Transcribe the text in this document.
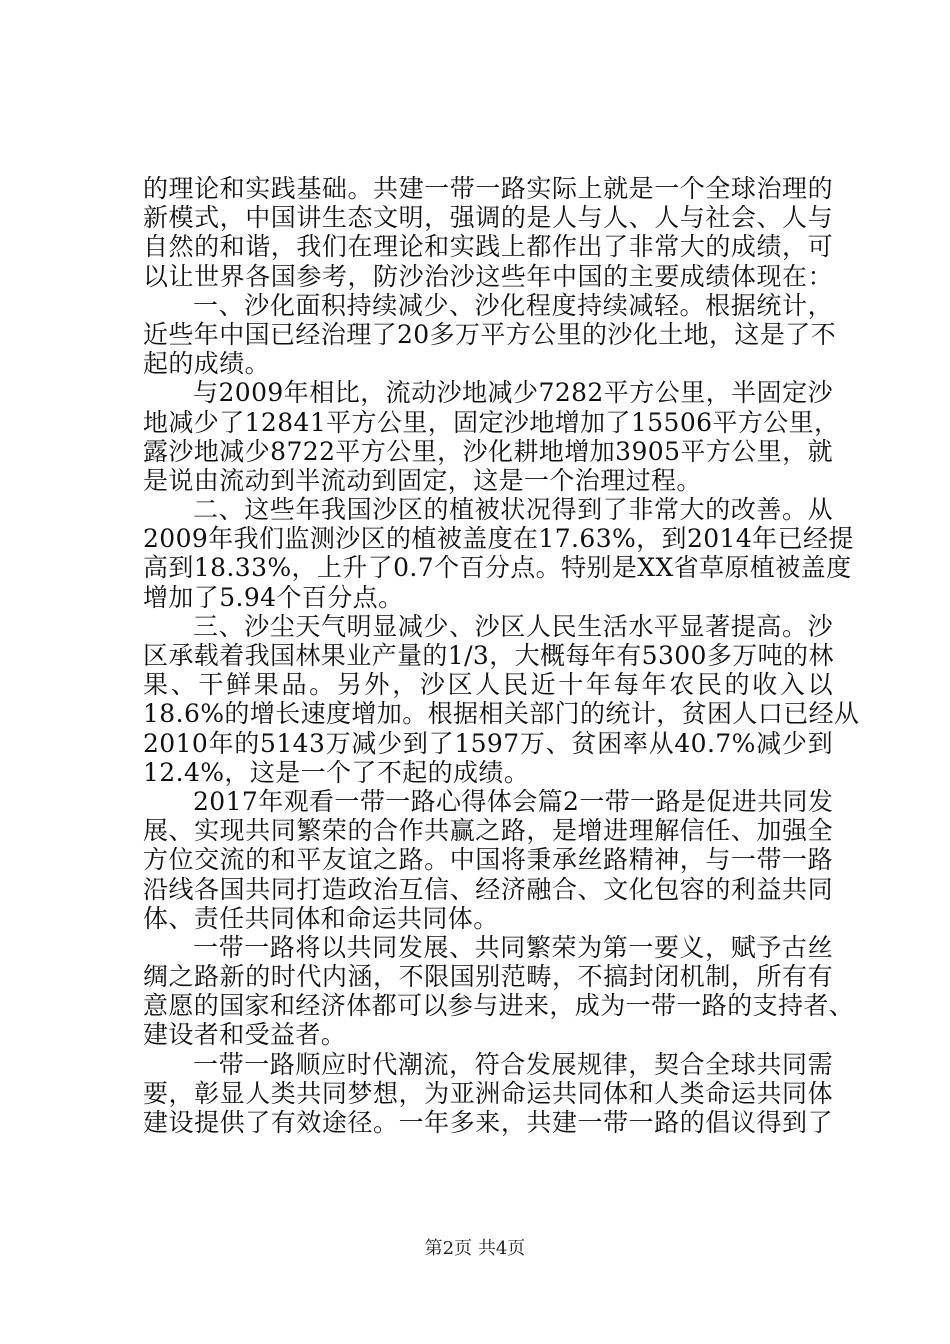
的理论和实践基础。共建一带一路实际上就是一个全球治理的
新模式，中国讲生态文明，强调的是人与人、人与社会、人与
自然的和谐，我们在理论和实践上都作出了非常大的成绩，可
以让世界各国参考，防沙治沙这些年中国的主要成绩体现在：
一、沙化面积持续减少、沙化程度持续减轻。根据统计，
近些年中国已经治理了20多万平方公里的沙化土地，这是了不
起的成绩。
与2009年相比，流动沙地减少7282平方公里，半固定沙
地减少了12841平方公里，固定沙地增加了15506平方公里，
露沙地减少8722平方公里，沙化耕地增加3905平方公里，就
是说由流动到半流动到固定，这是一个治理过程。
二、这些年我国沙区的植被状况得到了非常大的改善。从
2009年我们监测沙区的植被盖度在17.63%，到2014年已经提
高到18.33%，上升了0.7个百分点。特别是XX省草原植被盖度
增加了5.94个百分点。
三、沙尘天气明显减少、沙区人民生活水平显著提高。沙
区承载着我国林果业产量的1/3，大概每年有5300多万吨的林
果、干鲜果品。另外，沙区人民近十年每年农民的收入以
18.6%的增长速度增加。根据相关部门的统计，贫困人口已经从
2010年的5143万减少到了1597万、贫困率从40.7%减少到
12.4%，这是一个了不起的成绩。
2017年观看一带一路心得体会篇2一带一路是促进共同发
展、实现共同繁荣的合作共赢之路，是增进理解信任、加强全
方位交流的和平友谊之路。中国将秉承丝路精神，与一带一路
沿线各国共同打造政治互信、经济融合、文化包容的利益共同
体、责任共同体和命运共同体。
一带一路将以共同发展、共同繁荣为第一要义，赋予古丝
绸之路新的时代内涵，不限国别范畴，不搞封闭机制，所有有
意愿的国家和经济体都可以参与进来，成为一带一路的支持者、
建设者和受益者。
一带一路顺应时代潮流，符合发展规律，契合全球共同需
要，彰显人类共同梦想，为亚洲命运共同体和人类命运共同体
建设提供了有效途径。一年多来，共建一带一路的倡议得到了
第2页 共4页
